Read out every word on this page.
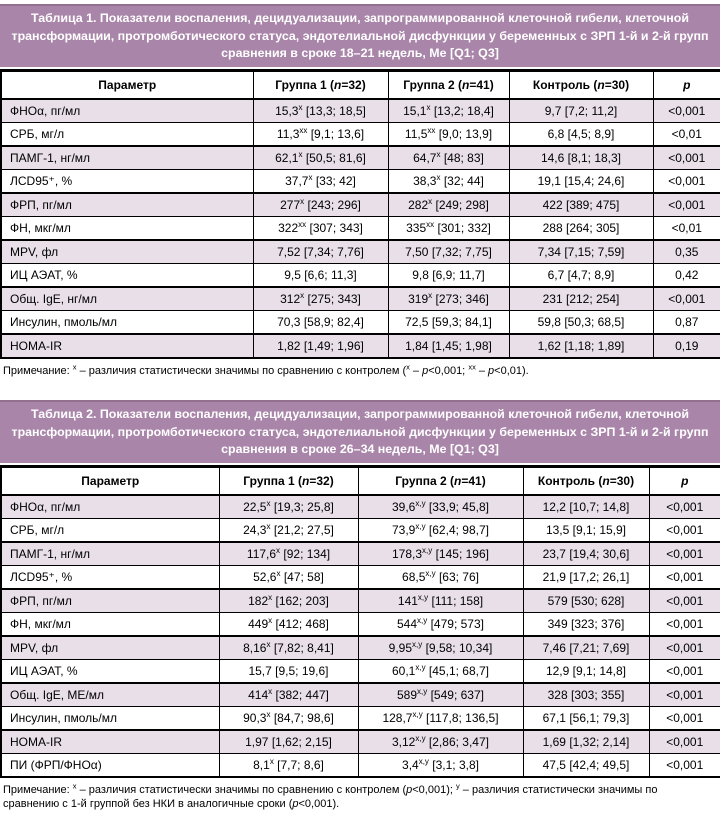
Таблица 1. Показатели воспаления, децидуализации, запрограммированной клеточной гибели, клеточной трансформации, протромботического статуса, эндотелиальной дисфункции у беременных с ЗРП 1-й и 2-й групп сравнения в сроке 18–21 недель, Ме [Q1; Q3]
Параметр	Группа 1 (n=32)	Группа 2 (n=41)	Контроль (n=30)	p
ФНОα, пг/мл	$15,3^х$ [13,3; 18,5]	$15,1^х$ [13,2; 18,4]	9,7 [7,2; 11,2]	<0,001
СРБ, мг/л	$11,3^{хх}$ [9,1; 13,6]	$11,5^{хх}$ [9,0; 13,9]	6,8 [4,5; 8,9]	<0,01
ПАМГ-1, нг/мл	$62,1^х$ [50,5; 81,6]	$64,7^х$ [48; 83]	14,6 [8,1; 18,3]	<0,001
ЛCD95⁺, %	$37,7^х$ [33; 42]	$38,3^х$ [32; 44]	19,1 [15,4; 24,6]	<0,001
ФРП, пг/мл	$277^х$ [243; 296]	$282^х$ [249; 298]	422 [389; 475]	<0,001
ФН, мкг/мл	$322^{хх}$ [307; 343]	$335^{хх}$ [301; 332]	288 [264; 305]	<0,01
MPV, фл	7,52 [7,34; 7,76]	7,50 [7,32; 7,75]	7,34 [7,15; 7,59]	0,35
ИЦ АЭАТ, %	9,5 [6,6; 11,3]	9,8 [6,9; 11,7]	6,7 [4,7; 8,9]	0,42
Общ. IgE, нг/мл	$312^х$ [275; 343]	$319^х$ [273; 346]	231 [212; 254]	<0,001
Инсулин, пмоль/мл	70,3 [58,9; 82,4]	72,5 [59,3; 84,1]	59,8 [50,3; 68,5]	0,87
HOMA-IR	1,82 [1,49; 1,96]	1,84 [1,45; 1,98]	1,62 [1,18; 1,89]	0,19
Примечание: $^х$ – различия статистически значимы по сравнению с контролем ($^х$ – p<0,001; $^{хх}$ – p<0,01).
Таблица 2. Показатели воспаления, децидуализации, запрограммированной клеточной гибели, клеточной трансформации, протромботического статуса, эндотелиальной дисфункции у беременных с ЗРП 1-й и 2-й групп сравнения в сроке 26–34 недель, Ме [Q1; Q3]
Параметр	Группа 1 (n=32)	Группа 2 (n=41)	Контроль (n=30)	p
ФНОα, пг/мл	$22,5^х$ [19,3; 25,8]	$39,6^{х,у}$ [33,9; 45,8]	12,2 [10,7; 14,8]	<0,001
СРБ, мг/л	$24,3^х$ [21,2; 27,5]	$73,9^{х,у}$ [62,4; 98,7]	13,5 [9,1; 15,9]	<0,001
ПАМГ-1, нг/мл	$117,6^х$ [92; 134]	$178,3^{х,у}$ [145; 196]	23,7 [19,4; 30,6]	<0,001
ЛCD95⁺, %	$52,6^х$ [47; 58]	$68,5^{х,у}$ [63; 76]	21,9 [17,2; 26,1]	<0,001
ФРП, пг/мл	$182^х$ [162; 203]	$141^{х,у}$ [111; 158]	579 [530; 628]	<0,001
ФН, мкг/мл	$449^х$ [412; 468]	$544^{х,у}$ [479; 573]	349 [323; 376]	<0,001
MPV, фл	$8,16^х$ [7,82; 8,41]	$9,95^{х,у}$ [9,58; 10,34]	7,46 [7,21; 7,69]	<0,001
ИЦ АЭАТ, %	15,7 [9,5; 19,6]	$60,1^{х,у}$ [45,1; 68,7]	12,9 [9,1; 14,8]	<0,001
Общ. IgE, МЕ/мл	$414^х$ [382; 447]	$589^{х,у}$ [549; 637]	328 [303; 355]	<0,001
Инсулин, пмоль/мл	$90,3^х$ [84,7; 98,6]	$128,7^{х,у}$ [117,8; 136,5]	67,1 [56,1; 79,3]	<0,001
HOMA-IR	1,97 [1,62; 2,15]	$3,12^{х,у}$ [2,86; 3,47]	1,69 [1,32; 2,14]	<0,001
ПИ (ФРП/ФНОα)	$8,1^х$ [7,7; 8,6]	$3,4^{х,у}$ [3,1; 3,8]	47,5 [42,4; 49,5]	<0,001
Примечание: $^х$ – различия статистически значимы по сравнению с контролем (p<0,001); $^у$ – различия статистически значимы по сравнению с 1-й группой без НКИ в аналогичные сроки (p<0,001).
